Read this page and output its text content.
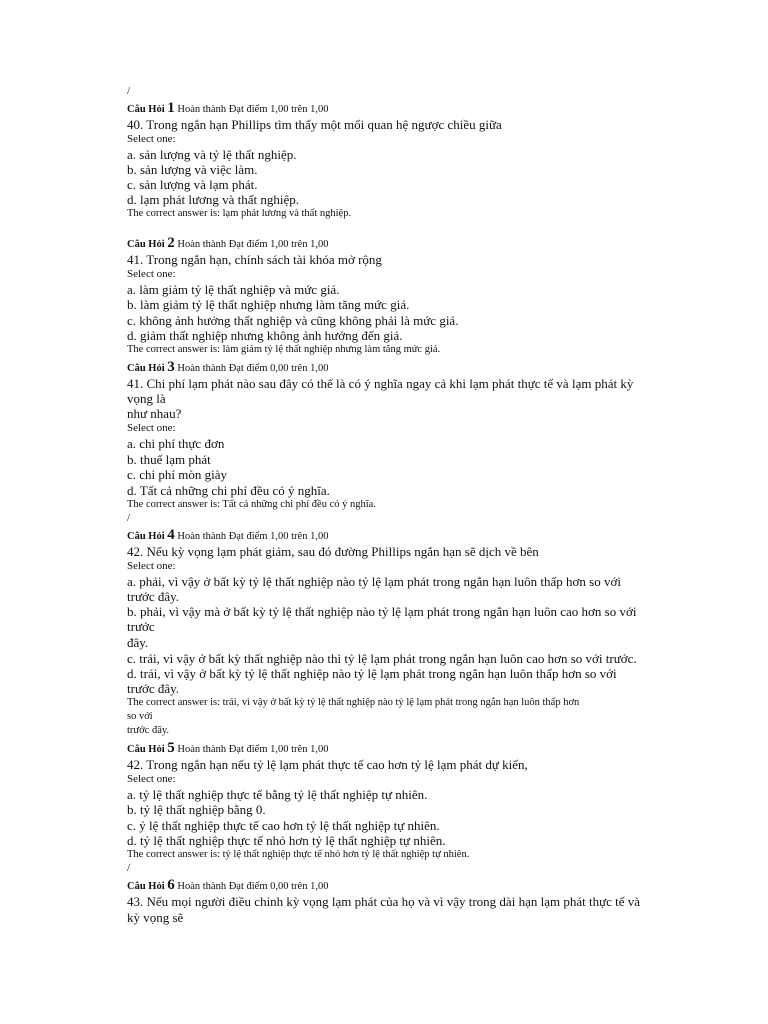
/
Câu Hỏi 1 Hoàn thành Đạt điểm 1,00 trên 1,00
40. Trong ngắn hạn Phillips tìm thấy một mối quan hệ ngược chiều giữa
Select one:
a. sản lượng và tỷ lệ thất nghiệp.
b. sản lượng và việc làm.
c. sản lượng và lạm phát.
d. lạm phát lương và thất nghiệp.
The correct answer is: lạm phát lương và thất nghiệp.
Câu Hỏi 2 Hoàn thành Đạt điểm 1,00 trên 1,00
41. Trong ngắn hạn, chính sách tài khóa mở rộng
Select one:
a. làm giảm tỷ lệ thất nghiệp và mức giá.
b. làm giảm tỷ lệ thất nghiệp nhưng làm tăng mức giá.
c. không ảnh hưởng thất nghiệp và cũng không phải là mức giá.
d. giảm thất nghiệp nhưng không ảnh hưởng đến giá.
The correct answer is: làm giảm tỷ lệ thất nghiệp nhưng làm tăng mức giá.
Câu Hỏi 3 Hoàn thành Đạt điểm 0,00 trên 1,00
41. Chi phí lạm phát nào sau đây có thể là có ý nghĩa ngay cả khi lạm phát thực tế và lạm phát kỳ
vọng là
như nhau?
Select one:
a. chi phí thực đơn
b. thuế lạm phát
c. chi phí mòn giày
d. Tất cả những chi phí đều có ý nghĩa.
The correct answer is: Tất cả những chi phí đều có ý nghĩa.
/
Câu Hỏi 4 Hoàn thành Đạt điểm 1,00 trên 1,00
42. Nếu kỳ vọng lạm phát giảm, sau đó đường Phillips ngắn hạn sẽ dịch về bên
Select one:
a. phải, vì vậy ở bất kỳ tỷ lệ thất nghiệp nào tỷ lệ lạm phát trong ngắn hạn luôn thấp hơn so với
trước đây.
b. phải, vì vậy mà ở bất kỳ tỷ lệ thất nghiệp nào tỷ lệ lạm phát trong ngắn hạn luôn cao hơn so với
trước
đây.
c. trái, vì vậy ở bất kỳ thất nghiệp nào thì tỷ lệ lạm phát trong ngắn hạn luôn cao hơn so với trước.
d. trái, vì vậy ở bất kỳ tỷ lệ thất nghiệp nào tỷ lệ lạm phát trong ngắn hạn luôn thấp hơn so với
trước đây.
The correct answer is: trái, vì vậy ở bất kỳ tỷ lệ thất nghiệp nào tỷ lệ lạm phát trong ngắn hạn luôn thấp hơn
so với
trước đây.
Câu Hỏi 5 Hoàn thành Đạt điểm 1,00 trên 1,00
42. Trong ngắn hạn nếu tỷ lệ lạm phát thực tế cao hơn tỷ lệ lạm phát dự kiến,
Select one:
a. tỷ lệ thất nghiệp thực tế bằng tỷ lệ thất nghiệp tự nhiên.
b. tỷ lệ thất nghiệp bằng 0.
c. ỷ lệ thất nghiệp thực tế cao hơn tỷ lệ thất nghiệp tự nhiên.
d. tỷ lệ thất nghiệp thực tế nhỏ hơn tỷ lệ thất nghiệp tự nhiên.
The correct answer is: tỷ lệ thất nghiệp thực tế nhỏ hơn tỷ lệ thất nghiệp tự nhiên.
/
Câu Hỏi 6 Hoàn thành Đạt điểm 0,00 trên 1,00
43. Nếu mọi người điều chỉnh kỳ vọng lạm phát của họ và vì vậy trong dài hạn lạm phát thực tế và
kỳ vọng sẽ
